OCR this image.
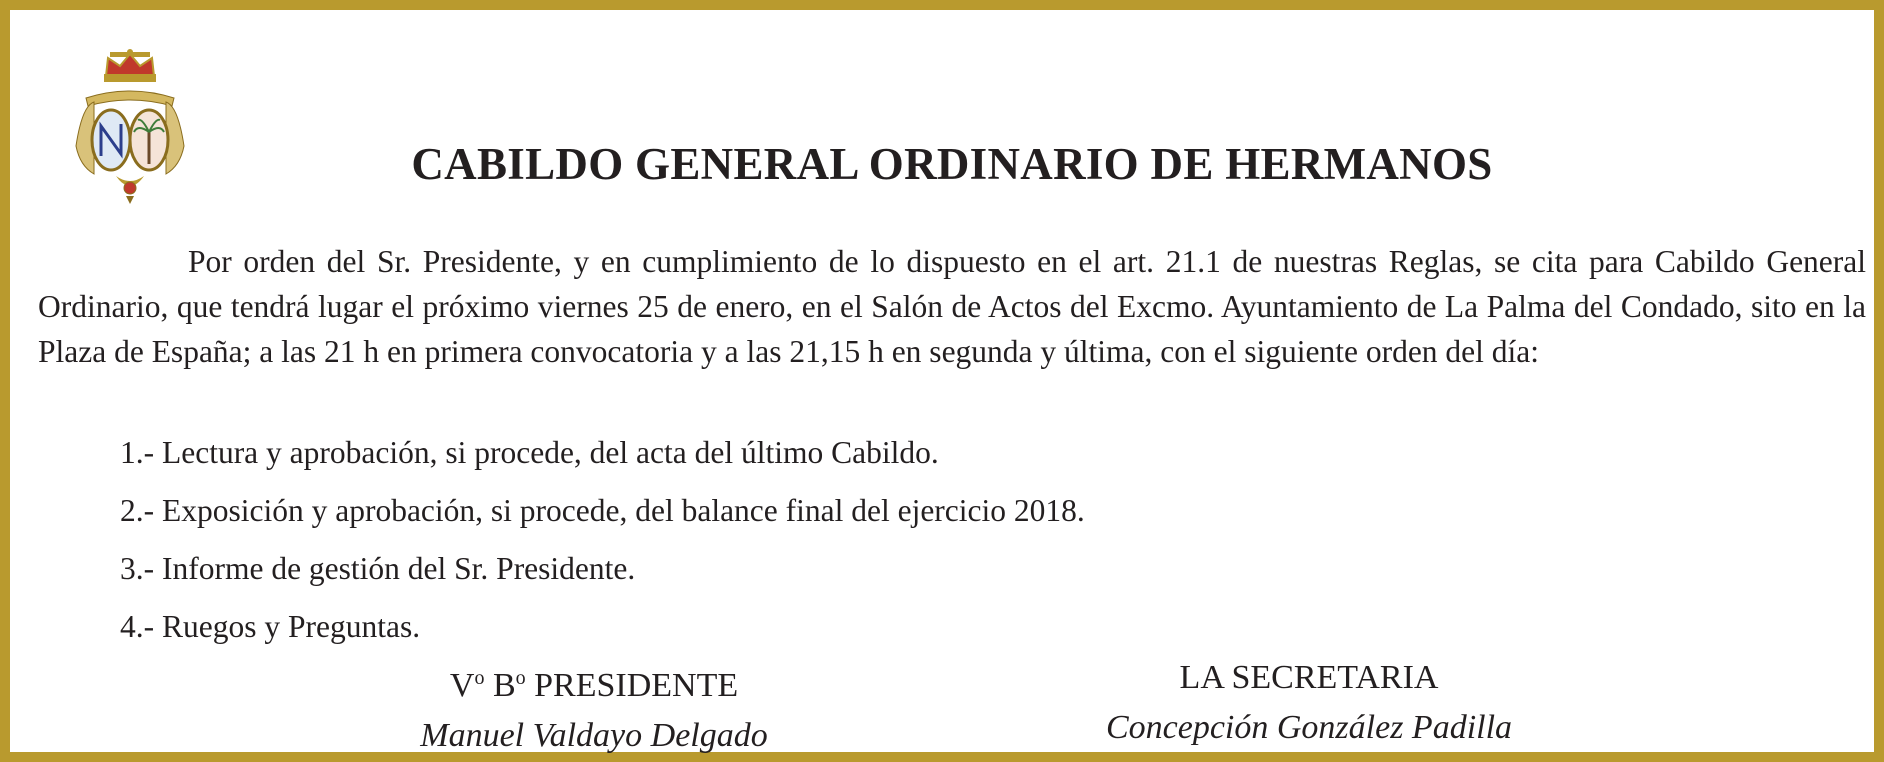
CABILDO GENERAL ORDINARIO DE HERMANOS

Por orden del Sr. Presidente, y en cumplimiento de lo dispuesto en el art. 21.1 de nuestras Reglas, se cita para Cabildo General Ordinario, que tendrá lugar el próximo viernes 25 de enero, en el Salón de Actos del Excmo. Ayuntamiento de La Palma del Condado, sito en la Plaza de España; a las 21 h en primera convocatoria y a las 21,15 h en segunda y última, con el siguiente orden del día:

1.- Lectura y aprobación, si procede, del acta del último Cabildo.
2.- Exposición y aprobación, si procede, del balance final del ejercicio 2018.
3.- Informe de gestión del Sr. Presidente.
4.- Ruegos y Preguntas.
$V^o$ $B^o$ PRESIDENTE
Manuel Valdayo Delgado
LA SECRETARIA
Concepción González Padilla
